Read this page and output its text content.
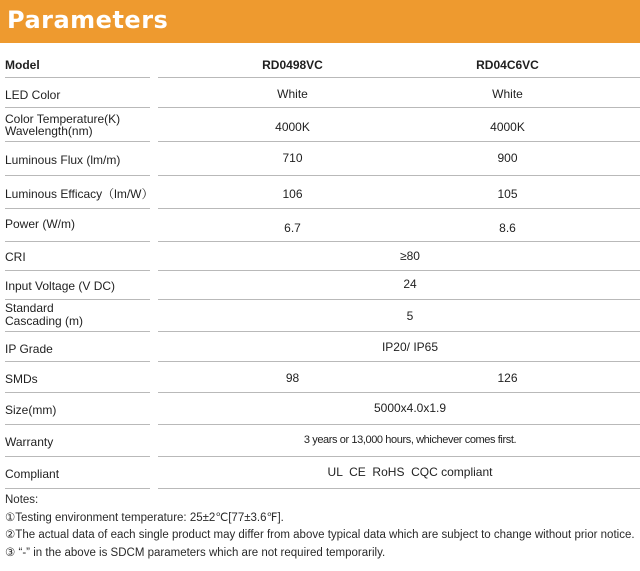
Parameters
Model	RD0498VC	RD04C6VC
LED Color	White	White
Color Temperature(K)
Wavelength(nm)	4000K	4000K
Luminous Flux (lm/m)	710	900
Luminous Efficacy（lm/W）	106	105
Power (W/m)	6.7	8.6
CRI	≥80
Input Voltage (V DC)	24
Standard
Cascading (m)	5
IP Grade	IP20/ IP65
SMDs	98	126
Size(mm)	5000x4.0x1.9
Warranty	3 years or 13,000 hours, whichever comes first.
Compliant	UL  CE  RoHS  CQC compliant
Notes:
①Testing environment temperature: 25±2℃[77±3.6℉].
②The actual data of each single product may differ from above typical data which are subject to change without prior notice.
③ “-” in the above is SDCM parameters which are not required temporarily.
